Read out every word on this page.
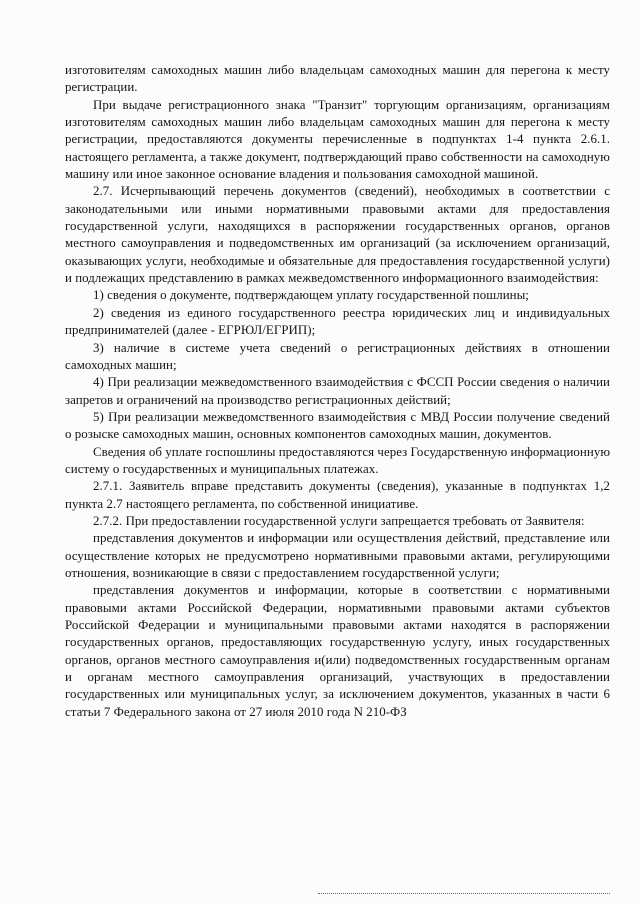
изготовителям самоходных машин либо владельцам самоходных машин для перегона к месту регистрации.

При выдаче регистрационного знака "Транзит" торгующим организациям, организациям изготовителям самоходных машин либо владельцам самоходных машин для перегона к месту регистрации, предоставляются документы перечисленные в подпунктах 1-4 пункта 2.6.1. настоящего регламента, а также документ, подтверждающий право собственности на самоходную машину или иное законное основание владения и пользования самоходной машиной.

2.7. Исчерпывающий перечень документов (сведений), необходимых в соответствии с законодательными или иными нормативными правовыми актами для предоставления государственной услуги, находящихся в распоряжении государственных органов, органов местного самоуправления и подведомственных им организаций (за исключением организаций, оказывающих услуги, необходимые и обязательные для предоставления государственной услуги) и подлежащих представлению в рамках межведомственного информационного взаимодействия:

1) сведения о документе, подтверждающем уплату государственной пошлины;

2) сведения из единого государственного реестра юридических лиц и индивидуальных предпринимателей (далее - ЕГРЮЛ/ЕГРИП);

3) наличие в системе учета сведений о регистрационных действиях в отношении самоходных машин;

4) При реализации межведомственного взаимодействия с ФССП России сведения о наличии запретов и ограничений на производство регистрационных действий;

5) При реализации межведомственного взаимодействия с МВД России получение сведений о розыске самоходных машин, основных компонентов самоходных машин, документов.

Сведения об уплате госпошлины предоставляются через Государственную информационную систему о государственных и муниципальных платежах.

2.7.1. Заявитель вправе представить документы (сведения), указанные в подпунктах 1,2 пункта 2.7 настоящего регламента, по собственной инициативе.

2.7.2. При предоставлении государственной услуги запрещается требовать от Заявителя:

представления документов и информации или осуществления действий, представление или осуществление которых не предусмотрено нормативными правовыми актами, регулирующими отношения, возникающие в связи с предоставлением государственной услуги;

представления документов и информации, которые в соответствии с нормативными правовыми актами Российской Федерации, нормативными правовыми актами субъектов Российской Федерации и муниципальными правовыми актами находятся в распоряжении государственных органов, предоставляющих государственную услугу, иных государственных органов, органов местного самоуправления и(или) подведомственных государственным органам и органам местного самоуправления организаций, участвующих в предоставлении государственных или муниципальных услуг, за исключением документов, указанных в части 6 статьи 7 Федерального закона от 27 июля 2010 года N 210-ФЗ
